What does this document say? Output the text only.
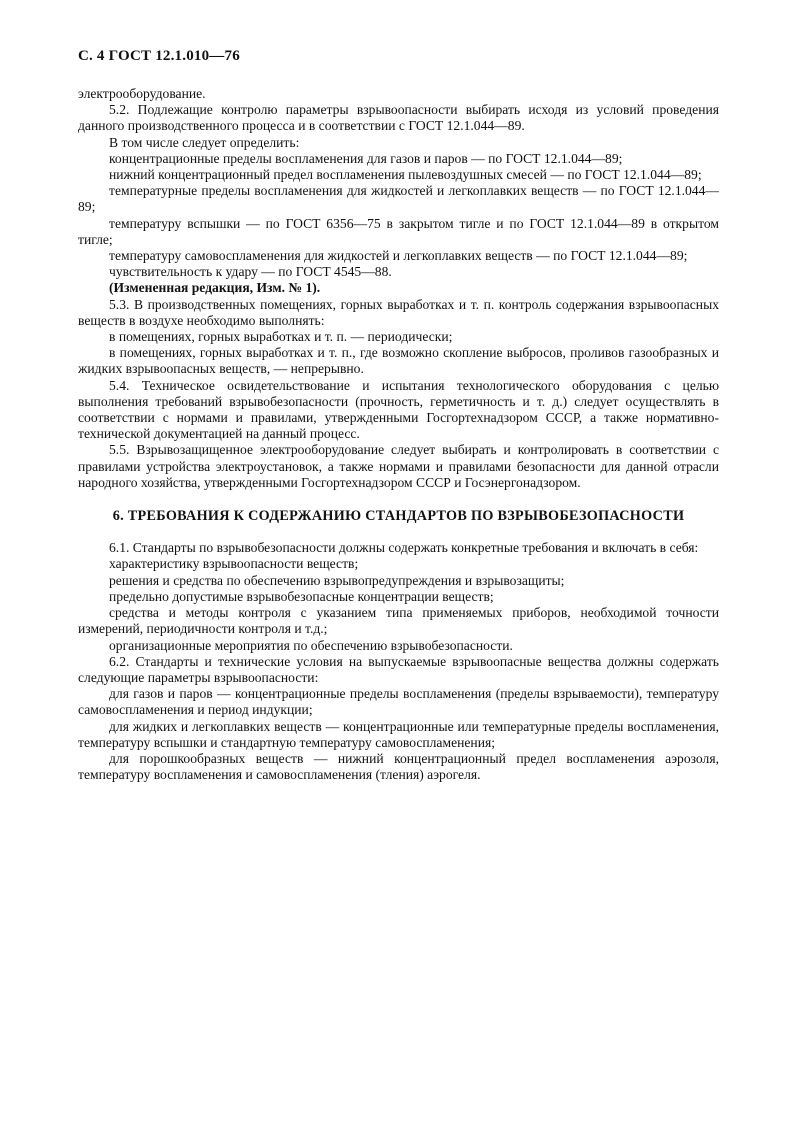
С. 4 ГОСТ 12.1.010—76

электрооборудование.

5.2. Подлежащие контролю параметры взрывоопасности выбирать исходя из условий проведения данного производственного процесса и в соответствии с ГОСТ 12.1.044—89.

В том числе следует определить:

концентрационные пределы воспламенения для газов и паров — по ГОСТ 12.1.044—89;

нижний концентрационный предел воспламенения пылевоздушных смесей — по ГОСТ 12.1.044—89;

температурные пределы воспламенения для жидкостей и легкоплавких веществ — по ГОСТ 12.1.044—89;

температуру вспышки — по ГОСТ 6356—75 в закрытом тигле и по ГОСТ 12.1.044—89 в открытом тигле;

температуру самовоспламенения для жидкостей и легкоплавких веществ — по ГОСТ 12.1.044—89;

чувствительность к удару — по ГОСТ 4545—88.

(Измененная редакция, Изм. № 1).

5.3. В производственных помещениях, горных выработках и т. п. контроль содержания взрывоопасных веществ в воздухе необходимо выполнять:

в помещениях, горных выработках и т. п. — периодически;

в помещениях, горных выработках и т. п., где возможно скопление выбросов, проливов газообразных и жидких взрывоопасных веществ, — непрерывно.

5.4. Техническое освидетельствование и испытания технологического оборудования с целью выполнения требований взрывобезопасности (прочность, герметичность и т. д.) следует осуществлять в соответствии с нормами и правилами, утвержденными Госгортехнадзором СССР, а также нормативно-технической документацией на данный процесс.

5.5. Взрывозащищенное электрооборудование следует выбирать и контролировать в соответствии с правилами устройства электроустановок, а также нормами и правилами безопасности для данной отрасли народного хозяйства, утвержденными Госгортехнадзором СССР и Госэнергонадзором.

6. ТРЕБОВАНИЯ К СОДЕРЖАНИЮ СТАНДАРТОВ ПО ВЗРЫВОБЕЗОПАСНОСТИ

6.1. Стандарты по взрывобезопасности должны содержать конкретные требования и включать в себя:

характеристику взрывоопасности веществ;

решения и средства по обеспечению взрывопредупреждения и взрывозащиты;

предельно допустимые взрывобезопасные концентрации веществ;

средства и методы контроля с указанием типа применяемых приборов, необходимой точности измерений, периодичности контроля и т.д.;

организационные мероприятия по обеспечению взрывобезопасности.

6.2. Стандарты и технические условия на выпускаемые взрывоопасные вещества должны содержать следующие параметры взрывоопасности:

для газов и паров — концентрационные пределы воспламенения (пределы взрываемости), температуру самовоспламенения и период индукции;

для жидких и легкоплавких веществ — концентрационные или температурные пределы воспламенения, температуру вспышки и стандартную температуру самовоспламенения;

для порошкообразных веществ — нижний концентрационный предел воспламенения аэрозоля, температуру воспламенения и самовоспламенения (тления) аэрогеля.
